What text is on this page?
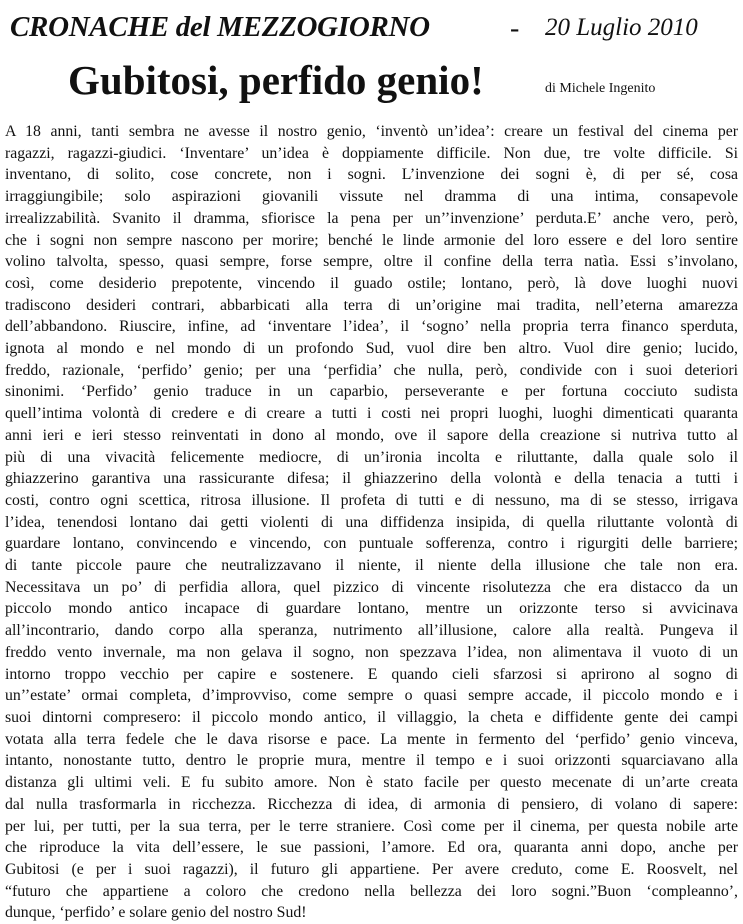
CRONACHE del MEZZOGIORNO	- 20 Luglio 2010
Gubitosi, perfido genio!	di Michele Ingenito
A 18 anni, tanti sembra ne avesse il nostro genio, ‘inventò un’idea’: creare un festival del cinema per
ragazzi, ragazzi-giudici. ‘Inventare’ un’idea è doppiamente difficile. Non due, tre volte difficile. Si
inventano, di solito, cose concrete, non i sogni. L’invenzione dei sogni è, di per sé, cosa
irraggiungibile; solo aspirazioni giovanili vissute nel dramma di una intima, consapevole
irrealizzabilità. Svanito il dramma, sfiorisce la pena per un’’invenzione’ perduta.E’ anche vero, però,
che i sogni non sempre nascono per morire; benché le linde armonie del loro essere e del loro sentire
volino talvolta, spesso, quasi sempre, forse sempre, oltre il confine della terra natìa. Essi s’involano,
così, come desiderio prepotente, vincendo il guado ostile; lontano, però, là dove luoghi nuovi
tradiscono desideri contrari, abbarbicati alla terra di un’origine mai tradita, nell’eterna amarezza
dell’abbandono. Riuscire, infine, ad ‘inventare l’idea’, il ‘sogno’ nella propria terra financo sperduta,
ignota al mondo e nel mondo di un profondo Sud, vuol dire ben altro. Vuol dire genio; lucido,
freddo, razionale, ‘perfido’ genio; per una ‘perfidia’ che nulla, però, condivide con i suoi deteriori
sinonimi. ‘Perfido’ genio traduce in un caparbio, perseverante e per fortuna cocciuto sudista
quell’intima volontà di credere e di creare a tutti i costi nei propri luoghi, luoghi dimenticati quaranta
anni ieri e ieri stesso reinventati in dono al mondo, ove il sapore della creazione si nutriva tutto al
più di una vivacità felicemente mediocre, di un’ironia incolta e riluttante, dalla quale solo il
ghiazzerino garantiva una rassicurante difesa; il ghiazzerino della volontà e della tenacia a tutti i
costi, contro ogni scettica, ritrosa illusione. Il profeta di tutti e di nessuno, ma di se stesso, irrigava
l’idea, tenendosi lontano dai getti violenti di una diffidenza insipida, di quella riluttante volontà di
guardare lontano, convincendo e vincendo, con puntuale sofferenza, contro i rigurgiti delle barriere;
di tante piccole paure che neutralizzavano il niente, il niente della illusione che tale non era.
Necessitava un po’ di perfidia allora, quel pizzico di vincente risolutezza che era distacco da un
piccolo mondo antico incapace di guardare lontano, mentre un orizzonte terso si avvicinava
all’incontrario, dando corpo alla speranza, nutrimento all’illusione, calore alla realtà. Pungeva il
freddo vento invernale, ma non gelava il sogno, non spezzava l’idea, non alimentava il vuoto di un
intorno troppo vecchio per capire e sostenere. E quando cieli sfarzosi si aprirono al sogno di
un’’estate’ ormai completa, d’improvviso, come sempre o quasi sempre accade, il piccolo mondo e i
suoi dintorni compresero: il piccolo mondo antico, il villaggio, la cheta e diffidente gente dei campi
votata alla terra fedele che le dava risorse e pace. La mente in fermento del ‘perfido’ genio vinceva,
intanto, nonostante tutto, dentro le proprie mura, mentre il tempo e i suoi orizzonti squarciavano alla
distanza gli ultimi veli. E fu subito amore. Non è stato facile per questo mecenate di un’arte creata
dal nulla trasformarla in ricchezza. Ricchezza di idea, di armonia di pensiero, di volano di sapere:
per lui, per tutti, per la sua terra, per le terre straniere. Così come per il cinema, per questa nobile arte
che riproduce la vita dell’essere, le sue passioni, l’amore. Ed ora, quaranta anni dopo, anche per
Gubitosi (e per i suoi ragazzi), il futuro gli appartiene. Per avere creduto, come E. Roosvelt, nel
“futuro che appartiene a coloro che credono nella bellezza dei loro sogni.”Buon ‘compleanno’,
dunque, ‘perfido’ e solare genio del nostro Sud!
